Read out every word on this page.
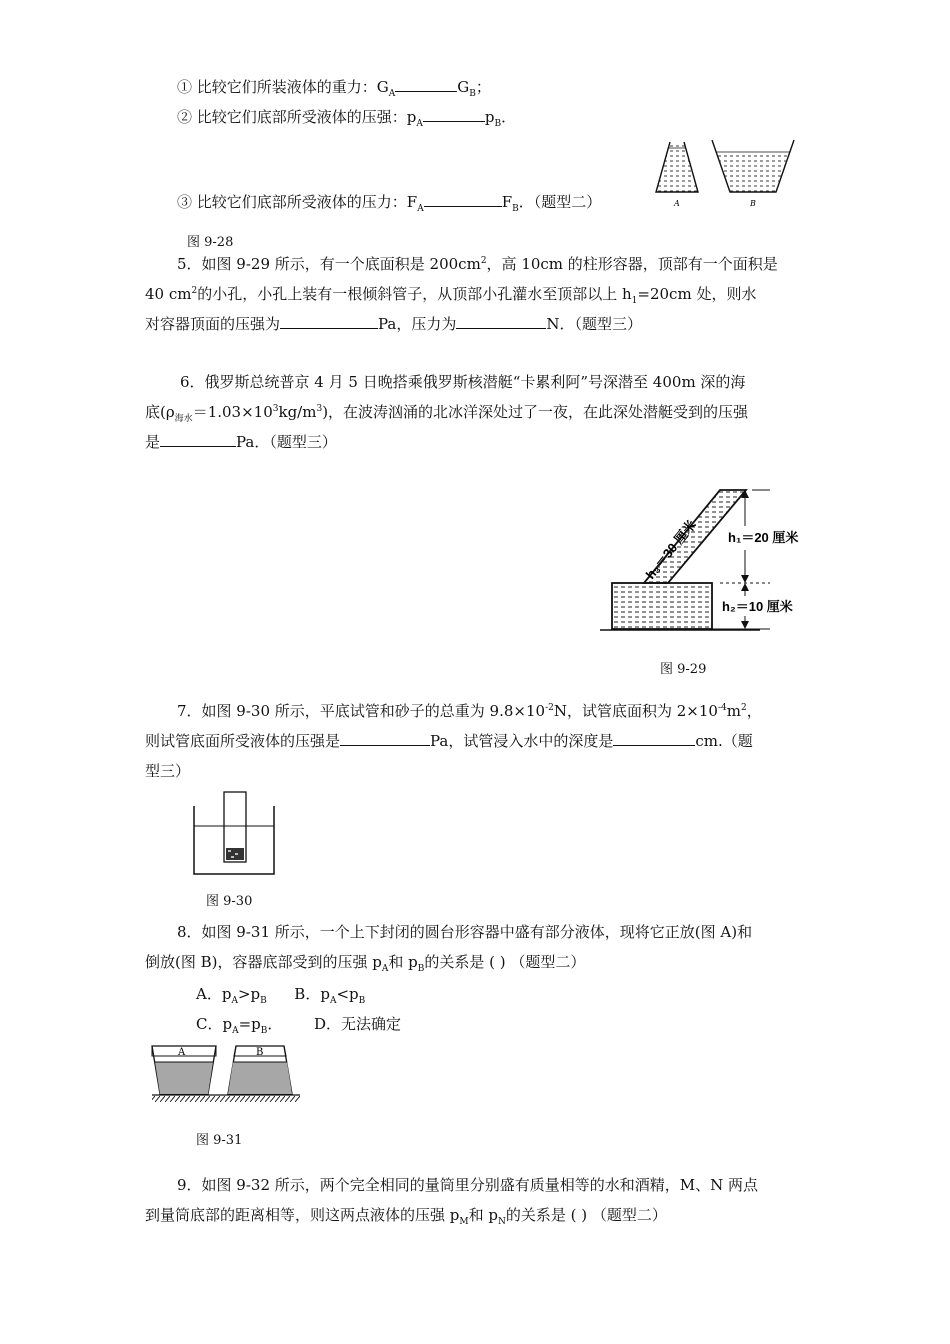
① 比较它们所装液体的重力：$G_A$	$G_B$；
② 比较它们底部所受液体的压强：$p_A$	$p_B$．
③ 比较它们底部所受液体的压力：$F_A$	$F_B$．（题型二）	A	B
图 9-28
5．如图 9-29 所示，有一个底面积是 $200cm^2$，高 10cm 的柱形容器，顶部有一个面积是
40 $cm^2$的小孔，小孔上装有一根倾斜管子，从顶部小孔灌水至顶部以上 $h_1=20cm$ 处，则水
对容器顶面的压强为	Pa，压力为	N．（题型三）
6．俄罗斯总统普京 4 月 5 日晚搭乘俄罗斯核潜艇“卡累利阿”号深潜至 400m 深的海
底$(\rho_{海水}=1.03\times 10^3kg/m^3)$，在波涛汹涌的北冰洋深处过了一夜，在此深处潜艇受到的压强
是	Pa．（题型三）
h₁＝20 厘米
h₂＝10 厘米
h₃＝30 厘米
图 9-29
7．如图 9-30 所示，平底试管和砂子的总重为 $9.8\times 10^{-2}N$，试管底面积为 $2\times 10^{-4}m^2$，
则试管底面所受液体的压强是	Pa，试管浸入水中的深度是	cm.（题
型三）
图 9-30
8．如图 9-31 所示，一个上下封闭的圆台形容器中盛有部分液体，现将它正放(图 A)和
倒放(图 B)，容器底部受到的压强 $p_A$和 $p_B$的关系是 ( ) （题型二）
A．$p_A>p_B$ B．$p_A<p_B$
C．$p_A=p_B$． D．无法确定
A	B
图 9-31
9．如图 9-32 所示，两个完全相同的量筒里分别盛有质量相等的水和酒精，M、N 两点
到量筒底部的距离相等，则这两点液体的压强 $p_M$和 $p_N$的关系是 ( ) （题型二）
